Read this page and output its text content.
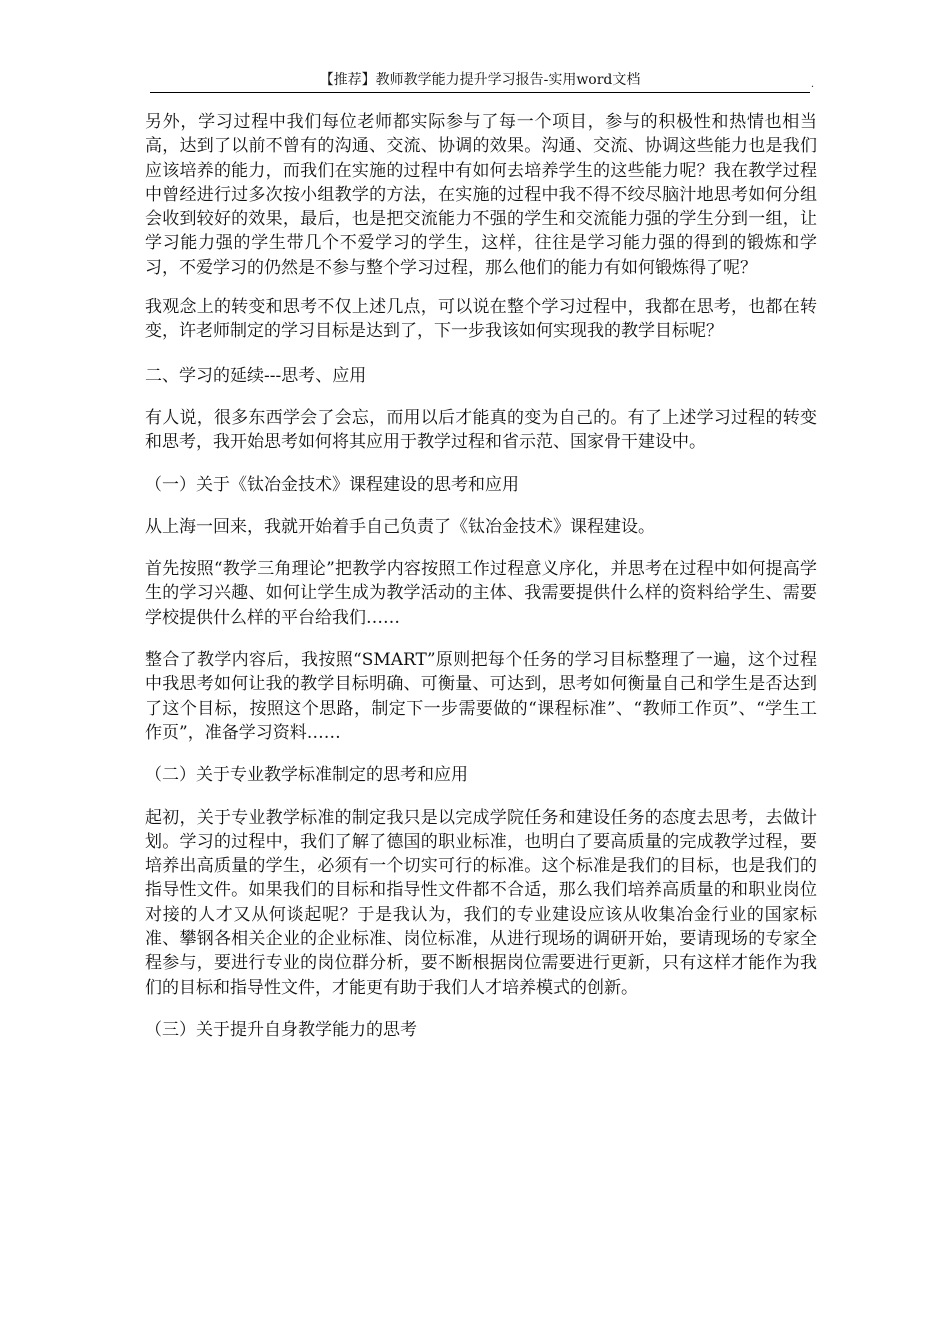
【推荐】教师教学能力提升学习报告-实用word文档	.

另外，学习过程中我们每位老师都实际参与了每一个项目，参与的积极性和热情也相当高，达到了以前不曾有的沟通、交流、协调的效果。沟通、交流、协调这些能力也是我们应该培养的能力，而我们在实施的过程中有如何去培养学生的这些能力呢？我在教学过程中曾经进行过多次按小组教学的方法，在实施的过程中我不得不绞尽脑汁地思考如何分组会收到较好的效果，最后，也是把交流能力不强的学生和交流能力强的学生分到一组，让学习能力强的学生带几个不爱学习的学生，这样，往往是学习能力强的得到的锻炼和学习，不爱学习的仍然是不参与整个学习过程，那么他们的能力有如何锻炼得了呢？

我观念上的转变和思考不仅上述几点，可以说在整个学习过程中，我都在思考，也都在转变，许老师制定的学习目标是达到了，下一步我该如何实现我的教学目标呢？

二、学习的延续---思考、应用

有人说，很多东西学会了会忘，而用以后才能真的变为自己的。有了上述学习过程的转变和思考，我开始思考如何将其应用于教学过程和省示范、国家骨干建设中。

（一）关于《钛冶金技术》课程建设的思考和应用

从上海一回来，我就开始着手自己负责了《钛冶金技术》课程建设。

首先按照“教学三角理论”把教学内容按照工作过程意义序化，并思考在过程中如何提高学生的学习兴趣、如何让学生成为教学活动的主体、我需要提供什么样的资料给学生、需要学校提供什么样的平台给我们……

整合了教学内容后，我按照“SMART”原则把每个任务的学习目标整理了一遍，这个过程中我思考如何让我的教学目标明确、可衡量、可达到，思考如何衡量自己和学生是否达到了这个目标，按照这个思路，制定下一步需要做的“课程标准”、“教师工作页”、“学生工作页”，准备学习资料……

（二）关于专业教学标准制定的思考和应用

起初，关于专业教学标准的制定我只是以完成学院任务和建设任务的态度去思考，去做计划。学习的过程中，我们了解了德国的职业标准，也明白了要高质量的完成教学过程，要培养出高质量的学生，必须有一个切实可行的标准。这个标准是我们的目标，也是我们的指导性文件。如果我们的目标和指导性文件都不合适，那么我们培养高质量的和职业岗位对接的人才又从何谈起呢？于是我认为，我们的专业建设应该从收集冶金行业的国家标准、攀钢各相关企业的企业标准、岗位标准，从进行现场的调研开始，要请现场的专家全程参与，要进行专业的岗位群分析，要不断根据岗位需要进行更新，只有这样才能作为我们的目标和指导性文件，才能更有助于我们人才培养模式的创新。

（三）关于提升自身教学能力的思考
